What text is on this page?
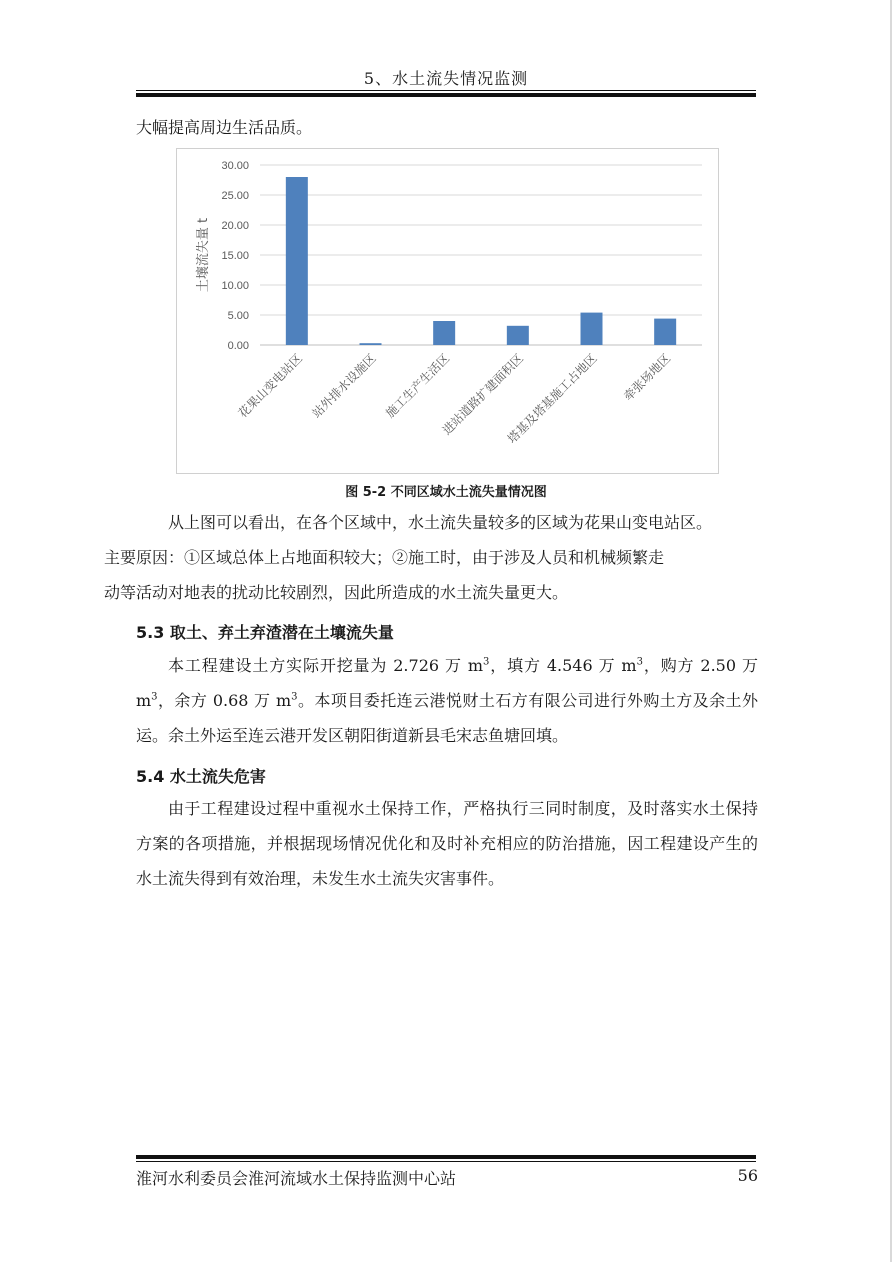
5、水土流失情况监测

大幅提高周边生活品质。

0.00
5.00
10.00
15.00
20.00
25.00
30.00
土壤流失量 t
花果山变电站区 站外排水设施区 施工生产生活区
进站道路扩建面积区
塔基及塔基施工占地区 牵张场地区
图 5-2 不同区域水土流失量情况图
从上图可以看出，在各个区域中，水土流失量较多的区域为花果山变电站区。
主要原因：①区域总体上占地面积较大；②施工时，由于涉及人员和机械频繁走
动等活动对地表的扰动比较剧烈，因此所造成的水土流失量更大。
5.3 取土、弃土弃渣潜在土壤流失量

本工程建设土方实际开挖量为 2.726 万 $m^3$，填方 4.546 万 $m^3$，购方 2.50 万 $m^3$，余方 0.68 万 $m^3$。本项目委托连云港悦财土石方有限公司进行外购土方及余土外运。余土外运至连云港开发区朝阳街道新县毛宋志鱼塘回填。

5.4 水土流失危害

由于工程建设过程中重视水土保持工作，严格执行三同时制度，及时落实水土保持方案的各项措施，并根据现场情况优化和及时补充相应的防治措施，因工程建设产生的水土流失得到有效治理，未发生水土流失灾害事件。

淮河水利委员会淮河流域水土保持监测中心站	56
